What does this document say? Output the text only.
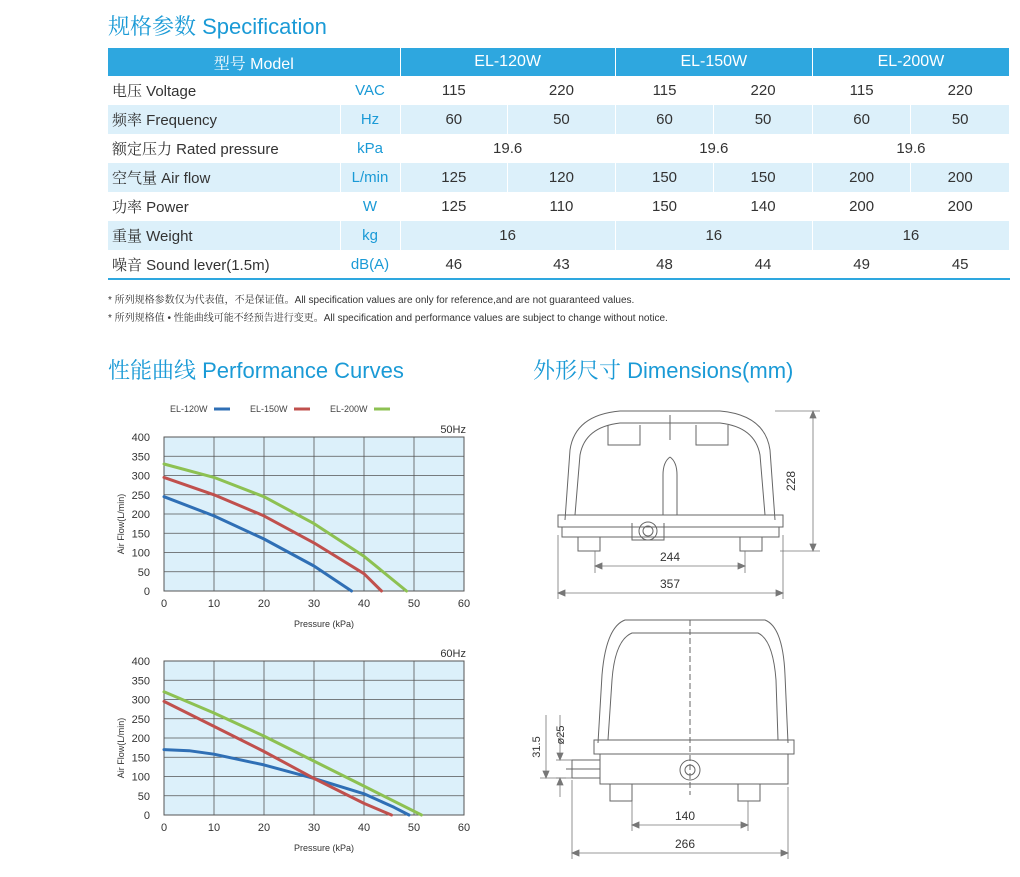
规格参数 Specification
型号 Model		EL-120W		EL-150W		EL-200W	
电压 Voltage	VAC	115	220	115	220	115	220
频率 Frequency	Hz	60	50	60	50	60	50
额定压力 Rated pressure	kPa	19.6		19.6		19.6	
空气量 Air flow	L/min	125	120	150	150	200	200
功率 Power	W	125	110	150	140	200	200
重量 Weight	kg	16		16		16	
噪音 Sound lever(1.5m)	dB(A)	46	43	48	44	49	45
* 所列规格参数仅为代表值，不是保证值。All specification values are only for reference,and are not guaranteed values.
* 所列规格值 • 性能曲线可能不经预告进行变更。All specification and performance values are subject to change without notice.
性能曲线 Performance Curves
EL-120W	EL-150W	EL-200W
0	10	20	30	40	50	60
0
50
100
150
200
250
300
350
400
50Hz
Pressure (kPa)
Air Flow(L/min)
0	10	20	30	40	50	60
0
50
100
150
200
250
300
350
400
60Hz
Pressure (kPa)
Air Flow(L/min)
外形尺寸 Dimensions(mm)
228
244
357
31.5
ø25
140
266
